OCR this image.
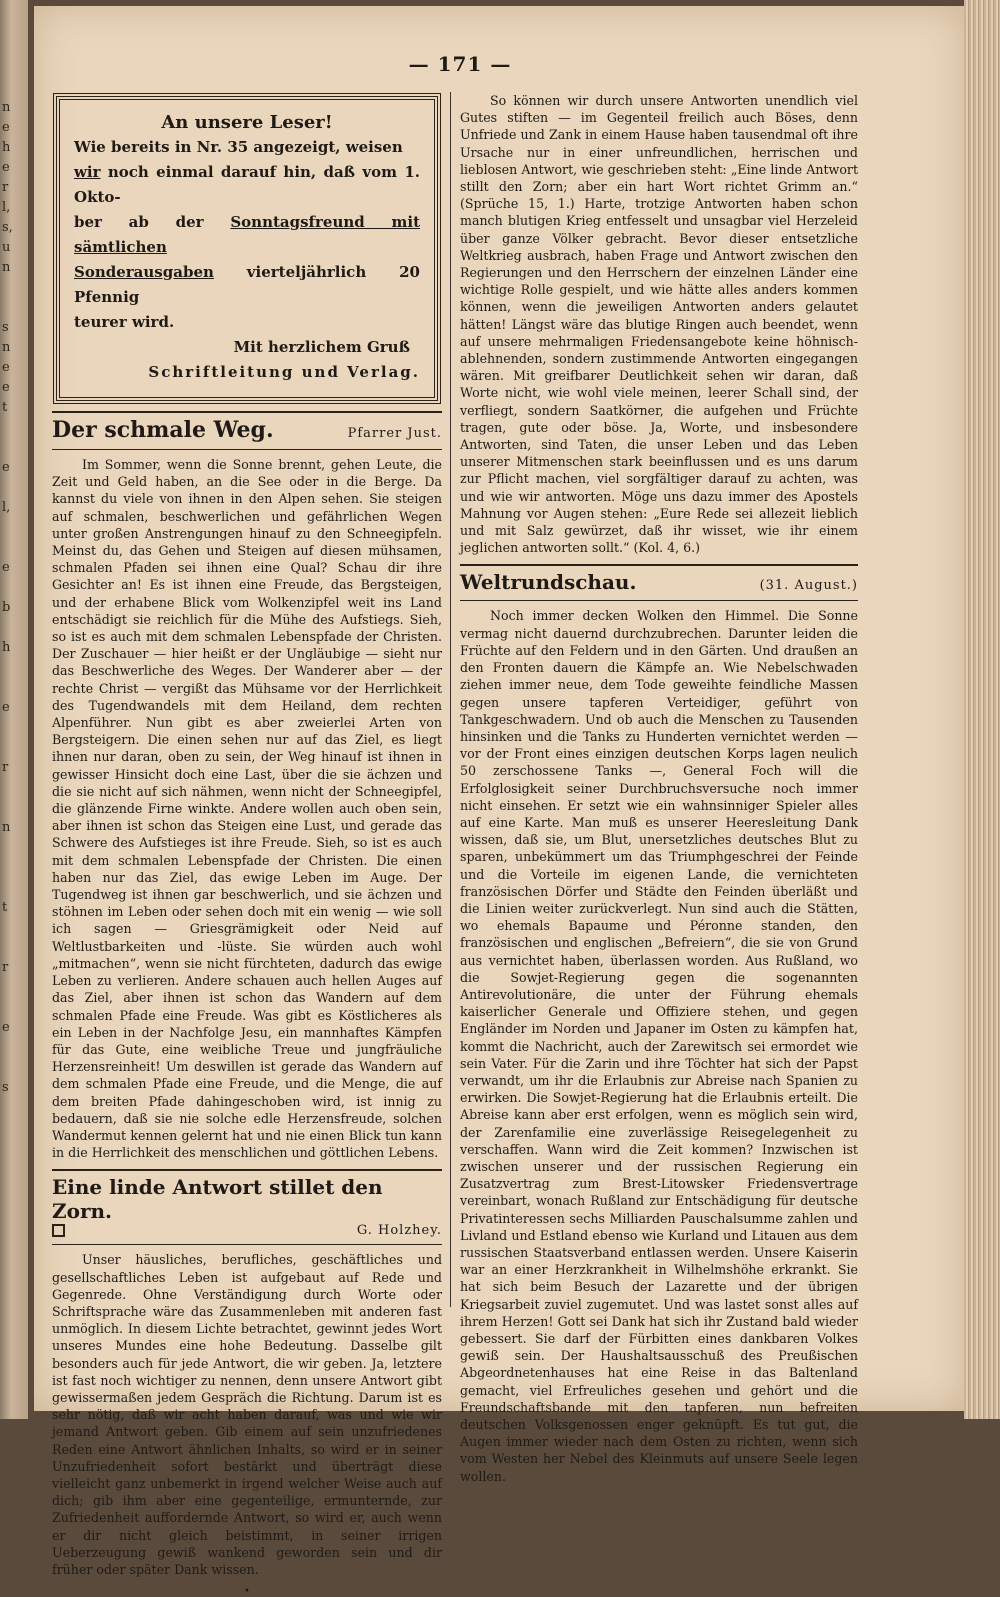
n
e
h
e
r
l,
s,
u
n
s
n
e
e
t
e
l,
e
b
h
e
r
n
t
r
e
s
— 171 —
An unsere Leser!
Wie bereits in Nr. 35 angezeigt, weisen
wir noch einmal darauf hin, daß vom 1. Okto-
ber ab der Sonntagsfreund mit sämtlichen
Sonderausgaben vierteljährlich 20 Pfennig
teurer wird.
Mit herzlichem Gruß
Schriftleitung und Verlag.
Der schmale Weg.	Pfarrer Just.

Im Sommer, wenn die Sonne brennt, gehen Leute, die Zeit und Geld haben, an die See oder in die Berge. Da kannst du viele von ihnen in den Alpen sehen. Sie steigen auf schmalen, beschwerlichen und gefährlichen Wegen unter großen Anstrengungen hinauf zu den Schneegipfeln. Meinst du, das Gehen und Steigen auf diesen mühsamen, schmalen Pfaden sei ihnen eine Qual? Schau dir ihre Gesichter an! Es ist ihnen eine Freude, das Bergsteigen, und der erhabene Blick vom Wolkenzipfel weit ins Land entschädigt sie reichlich für die Mühe des Aufstiegs. Sieh, so ist es auch mit dem schmalen Lebenspfade der Christen. Der Zuschauer — hier heißt er der Ungläubige — sieht nur das Beschwerliche des Weges. Der Wanderer aber — der rechte Christ — vergißt das Mühsame vor der Herrlichkeit des Tugendwandels mit dem Heiland, dem rechten Alpenführer. Nun gibt es aber zweierlei Arten von Bergsteigern. Die einen sehen nur auf das Ziel, es liegt ihnen nur daran, oben zu sein, der Weg hinauf ist ihnen in gewisser Hinsicht doch eine Last, über die sie ächzen und die sie nicht auf sich nähmen, wenn nicht der Schneegipfel, die glänzende Firne winkte. Andere wollen auch oben sein, aber ihnen ist schon das Steigen eine Lust, und gerade das Schwere des Aufstieges ist ihre Freude. Sieh, so ist es auch mit dem schmalen Lebenspfade der Christen. Die einen haben nur das Ziel, das ewige Leben im Auge. Der Tugendweg ist ihnen gar beschwerlich, und sie ächzen und stöhnen im Leben oder sehen doch mit ein wenig — wie soll ich sagen — Griesgrämigkeit oder Neid auf Weltlustbarkeiten und -lüste. Sie würden auch wohl „mitmachen“, wenn sie nicht fürchteten, dadurch das ewige Leben zu verlieren. Andere schauen auch hellen Auges auf das Ziel, aber ihnen ist schon das Wandern auf dem schmalen Pfade eine Freude. Was gibt es Köstlicheres als ein Leben in der Nachfolge Jesu, ein mannhaftes Kämpfen für das Gute, eine weibliche Treue und jungfräuliche Herzensreinheit! Um deswillen ist gerade das Wandern auf dem schmalen Pfade eine Freude, und die Menge, die auf dem breiten Pfade dahingeschoben wird, ist innig zu bedauern, daß sie nie solche edle Herzensfreude, solchen Wandermut kennen gelernt hat und nie einen Blick tun kann in die Herrlichkeit des menschlichen und göttlichen Lebens.

Eine linde Antwort stillet den Zorn.
G. Holzhey.

Unser häusliches, berufliches, geschäftliches und gesellschaftliches Leben ist aufgebaut auf Rede und Gegenrede. Ohne Verständigung durch Worte oder Schriftsprache wäre das Zusammenleben mit anderen fast unmöglich. In diesem Lichte betrachtet, gewinnt jedes Wort unseres Mundes eine hohe Bedeutung. Dasselbe gilt besonders auch für jede Antwort, die wir geben. Ja, letztere ist fast noch wichtiger zu nennen, denn unsere Antwort gibt gewissermaßen jedem Gespräch die Richtung. Darum ist es sehr nötig, daß wir acht haben darauf, was und wie wir jemand Antwort geben. Gib einem auf sein unzufriedenes Reden eine Antwort ähnlichen Inhalts, so wird er in seiner Unzufriedenheit sofort bestärkt und überträgt diese vielleicht ganz unbemerkt in irgend welcher Weise auch auf dich; gib ihm aber eine gegenteilige, ermunternde, zur Zufriedenheit auffordernde Antwort, so wird er, auch wenn er dir nicht gleich beistimmt, in seiner irrigen Ueberzeugung gewiß wankend geworden sein und dir früher oder später Dank wissen.

•

So können wir durch unsere Antworten unendlich viel Gutes stiften — im Gegenteil freilich auch Böses, denn Unfriede und Zank in einem Hause haben tausendmal oft ihre Ursache nur in einer unfreundlichen, herrischen und lieblosen Antwort, wie geschrieben steht: „Eine linde Antwort stillt den Zorn; aber ein hart Wort richtet Grimm an.“ (Sprüche 15, 1.) Harte, trotzige Antworten haben schon manch blutigen Krieg entfesselt und unsagbar viel Herzeleid über ganze Völker gebracht. Bevor dieser entsetzliche Weltkrieg ausbrach, haben Frage und Antwort zwischen den Regierungen und den Herrschern der einzelnen Länder eine wichtige Rolle gespielt, und wie hätte alles anders kommen können, wenn die jeweiligen Antworten anders gelautet hätten! Längst wäre das blutige Ringen auch beendet, wenn auf unsere mehrmaligen Friedensangebote keine höhnisch-ablehnenden, sondern zustimmende Antworten eingegangen wären. Mit greifbarer Deutlichkeit sehen wir daran, daß Worte nicht, wie wohl viele meinen, leerer Schall sind, der verfliegt, sondern Saatkörner, die aufgehen und Früchte tragen, gute oder böse. Ja, Worte, und insbesondere Antworten, sind Taten, die unser Leben und das Leben unserer Mitmenschen stark beeinflussen und es uns darum zur Pflicht machen, viel sorgfältiger darauf zu achten, was und wie wir antworten. Möge uns dazu immer des Apostels Mahnung vor Augen stehen: „Eure Rede sei allezeit lieblich und mit Salz gewürzet, daß ihr wisset, wie ihr einem jeglichen antworten sollt.“ (Kol. 4, 6.)

Weltrundschau.	(31. August.)

Noch immer decken Wolken den Himmel. Die Sonne vermag nicht dauernd durchzubrechen. Darunter leiden die Früchte auf den Feldern und in den Gärten. Und draußen an den Fronten dauern die Kämpfe an. Wie Nebelschwaden ziehen immer neue, dem Tode geweihte feindliche Massen gegen unsere tapferen Verteidiger, geführt von Tankgeschwadern. Und ob auch die Menschen zu Tausenden hinsinken und die Tanks zu Hunderten vernichtet werden — vor der Front eines einzigen deutschen Korps lagen neulich 50 zerschossene Tanks —, General Foch will die Erfolglosigkeit seiner Durchbruchsversuche noch immer nicht einsehen. Er setzt wie ein wahnsinniger Spieler alles auf eine Karte. Man muß es unserer Heeresleitung Dank wissen, daß sie, um Blut, unersetzliches deutsches Blut zu sparen, unbekümmert um das Triumphgeschrei der Feinde und die Vorteile im eigenen Lande, die vernichteten französischen Dörfer und Städte den Feinden überläßt und die Linien weiter zurückverlegt. Nun sind auch die Stätten, wo ehemals Bapaume und Péronne standen, den französischen und englischen „Befreiern“, die sie von Grund aus vernichtet haben, überlassen worden. Aus Rußland, wo die Sowjet-Regierung gegen die sogenannten Antirevolutionäre, die unter der Führung ehemals kaiserlicher Generale und Offiziere stehen, und gegen Engländer im Norden und Japaner im Osten zu kämpfen hat, kommt die Nachricht, auch der Zarewitsch sei ermordet wie sein Vater. Für die Zarin und ihre Töchter hat sich der Papst verwandt, um ihr die Erlaubnis zur Abreise nach Spanien zu erwirken. Die Sowjet-Regierung hat die Erlaubnis erteilt. Die Abreise kann aber erst erfolgen, wenn es möglich sein wird, der Zarenfamilie eine zuverlässige Reisegelegenheit zu verschaffen. Wann wird die Zeit kommen? Inzwischen ist zwischen unserer und der russischen Regierung ein Zusatzvertrag zum Brest-Litowsker Friedensvertrage vereinbart, wonach Rußland zur Entschädigung für deutsche Privatinteressen sechs Milliarden Pauschalsumme zahlen und Livland und Estland ebenso wie Kurland und Litauen aus dem russischen Staatsverband entlassen werden. Unsere Kaiserin war an einer Herzkrankheit in Wilhelmshöhe erkrankt. Sie hat sich beim Besuch der Lazarette und der übrigen Kriegsarbeit zuviel zugemutet. Und was lastet sonst alles auf ihrem Herzen! Gott sei Dank hat sich ihr Zustand bald wieder gebessert. Sie darf der Fürbitten eines dankbaren Volkes gewiß sein. Der Haushaltsausschuß des Preußischen Abgeordnetenhauses hat eine Reise in das Baltenland gemacht, viel Erfreuliches gesehen und gehört und die Freundschaftsbande mit den tapferen, nun befreiten deutschen Volksgenossen enger geknüpft. Es tut gut, die Augen immer wieder nach dem Osten zu richten, wenn sich vom Westen her Nebel des Kleinmuts auf unsere Seele legen wollen.
